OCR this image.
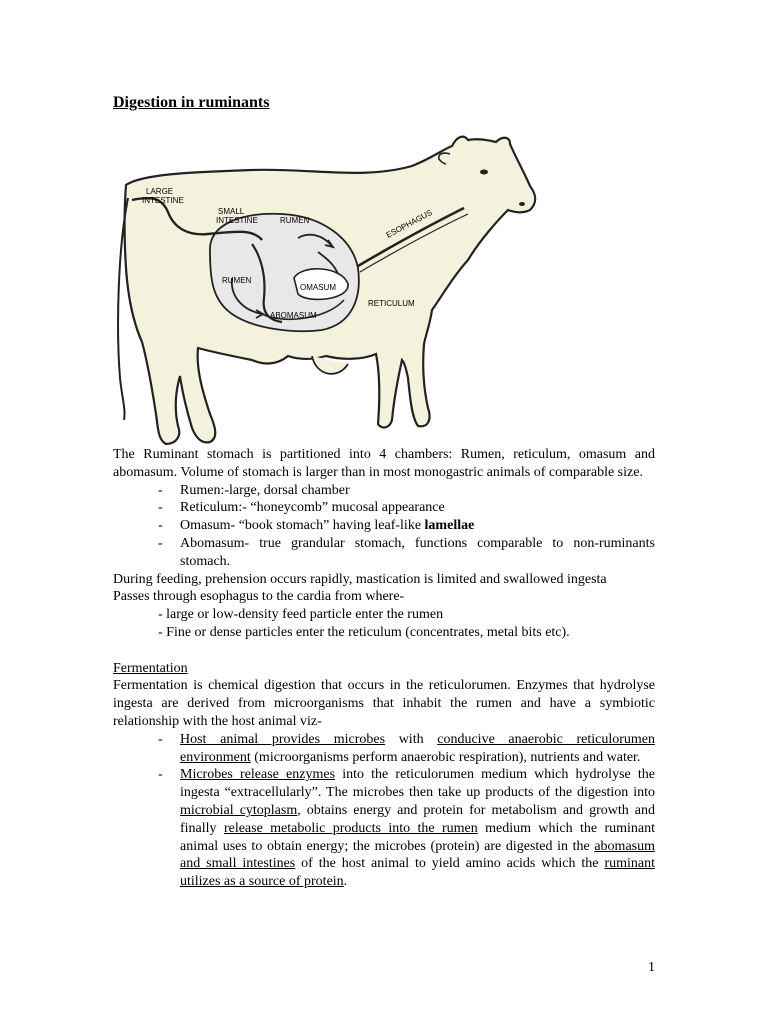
Digestion in ruminants
LARGE
INTESTINE
SMALL
INTESTINE	RUMEN
RUMEN
OMASUM
ABOMASUM
RETICULUM
ESOPHAGUS

The Ruminant stomach is partitioned into 4 chambers: Rumen, reticulum, omasum and abomasum. Volume of stomach is larger than in most monogastric animals of comparable size.

- Rumen:-large, dorsal chamber
- Reticulum:- “honeycomb” mucosal appearance
- Omasum- “book stomach” having leaf-like lamellae
- Abomasum- true grandular stomach, functions comparable to non-ruminants stomach.

During feeding, prehension occurs rapidly, mastication is limited and swallowed ingesta

Passes through esophagus to the cardia from where-

- large or low-density feed particle enter the rumen

- Fine or dense particles enter the reticulum (concentrates, metal bits etc).

Fermentation

Fermentation is chemical digestion that occurs in the reticulorumen. Enzymes that hydrolyse ingesta are derived from microorganisms that inhabit the rumen and have a symbiotic relationship with the host animal viz-

- Host animal provides microbes with conducive anaerobic reticulorumen environment (microorganisms perform anaerobic respiration), nutrients and water.
- Microbes release enzymes into the reticulorumen medium which hydrolyse the ingesta “extracellularly”. The microbes then take up products of the digestion into microbial cytoplasm, obtains energy and protein for metabolism and growth and finally release metabolic products into the rumen medium which the ruminant animal uses to obtain energy; the microbes (protein) are digested in the abomasum and small intestines of the host animal to yield amino acids which the ruminant utilizes as a source of protein.
1
